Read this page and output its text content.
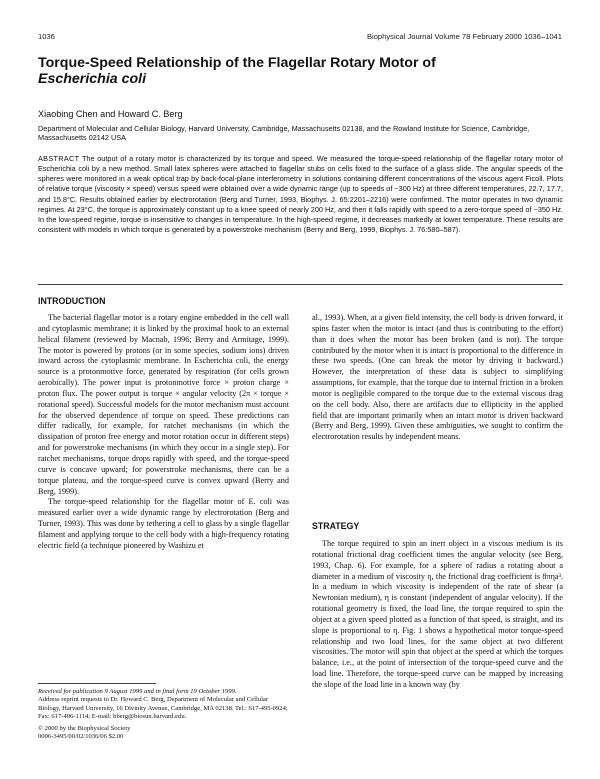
1036	Biophysical Journal Volume 78 February 2000 1036–1041
Torque-Speed Relationship of the Flagellar Rotary Motor of
Escherichia coli
Xiaobing Chen and Howard C. Berg
Department of Molecular and Cellular Biology, Harvard University, Cambridge, Massachusetts 02138, and the Rowland Institute for Science, Cambridge, Massachusetts 02142 USA
ABSTRACT The output of a rotary motor is characterized by its torque and speed. We measured the torque-speed relationship of the flagellar rotary motor of Escherichia coli by a new method. Small latex spheres were attached to flagellar stubs on cells fixed to the surface of a glass slide. The angular speeds of the spheres were monitored in a weak optical trap by back-focal-plane interferometry in solutions containing different concentrations of the viscous agent Ficoll. Plots of relative torque (viscosity × speed) versus speed were obtained over a wide dynamic range (up to speeds of ~300 Hz) at three different temperatures, 22.7, 17.7, and 15.8°C. Results obtained earlier by electrorotation (Berg and Turner, 1993, Biophys. J. 65:2201–2216) were confirmed. The motor operates in two dynamic regimes. At 23°C, the torque is approximately constant up to a knee speed of nearly 200 Hz, and then it falls rapidly with speed to a zero-torque speed of ~350 Hz. In the low-speed regime, torque is insensitive to changes in temperature. In the high-speed regime, it decreases markedly at lower temperature. These results are consistent with models in which torque is generated by a powerstroke mechanism (Berry and Berg, 1999, Biophys. J. 76:580–587).
INTRODUCTION

The bacterial flagellar motor is a rotary engine embedded in the cell wall and cytoplasmic membrane; it is linked by the proximal hook to an external helical filament (reviewed by Macnab, 1996; Berry and Armitage, 1999). The motor is powered by protons (or in some species, sodium ions) driven inward across the cytoplasmic membrane. In Escherichia coli, the energy source is a protonmotive force, generated by respiration (for cells grown aerobically). The power input is protonmotive force × proton charge × proton flux. The power output is torque × angular velocity (2π × torque × rotational speed). Successful models for the motor mechanism must account for the observed dependence of torque on speed. These predictions can differ radically, for example, for ratchet mechanisms (in which the dissipation of proton free energy and motor rotation occur in different steps) and for powerstroke mechanisms (in which they occur in a single step). For ratchet mechanisms, torque drops rapidly with speed, and the torque-speed curve is concave upward; for powerstroke mechanisms, there can be a torque plateau, and the torque-speed curve is convex upward (Berry and Berg, 1999).

The torque-speed relationship for the flagellar motor of E. coli was measured earlier over a wide dynamic range by electrorotation (Berg and Turner, 1993). This was done by tethering a cell to glass by a single flagellar filament and applying torque to the cell body with a high-frequency rotating electric field (a technique pioneered by Washizu et

al., 1993). When, at a given field intensity, the cell body is driven forward, it spins faster when the motor is intact (and thus is contributing to the effort) than it does when the motor has been broken (and is not). The torque contributed by the motor when it is intact is proportional to the difference in these two speeds. (One can break the motor by driving it backward.) However, the interpretation of these data is subject to simplifying assumptions, for example, that the torque due to internal friction in a broken motor is negligible compared to the torque due to the external viscous drag on the cell body. Also, there are artifacts due to ellipticity in the applied field that are important primarily when an intact motor is driven backward (Berry and Berg, 1999). Given these ambiguities, we sought to confirm the electrorotation results by independent means.

STRATEGY

The torque required to spin an inert object in a viscous medium is its rotational frictional drag coefficient times the angular velocity (see Berg, 1993, Chap. 6). For example, for a sphere of radius a rotating about a diameter in a medium of viscosity η, the frictional drag coefficient is 8πηa³. In a medium in which viscosity is independent of the rate of shear (a Newtonian medium), η is constant (independent of angular velocity). If the rotational geometry is fixed, the load line, the torque required to spin the object at a given speed plotted as a function of that speed, is straight, and its slope is proportional to η. Fig. 1 shows a hypothetical motor torque-speed relationship and two load lines, for the same object at two different viscosities. The motor will spin that object at the speed at which the torques balance, i.e., at the point of intersection of the torque-speed curve and the load line. Therefore, the torque-speed curve can be mapped by increasing the slope of the load line in a known way (by

Received for publication 9 August 1999 and in final form 19 October 1999.

Address reprint requests to Dr. Howard C. Berg, Department of Molecular and Cellular Biology, Harvard University, 16 Divinity Avenue, Cambridge, MA 02138. Tel.: 617-495-0924; Fax: 617-496-1114; E-mail: hberg@biosun.harvard.edu.

© 2000 by the Biophysical Society

0006-3495/00/02/1036/06 $2.00
